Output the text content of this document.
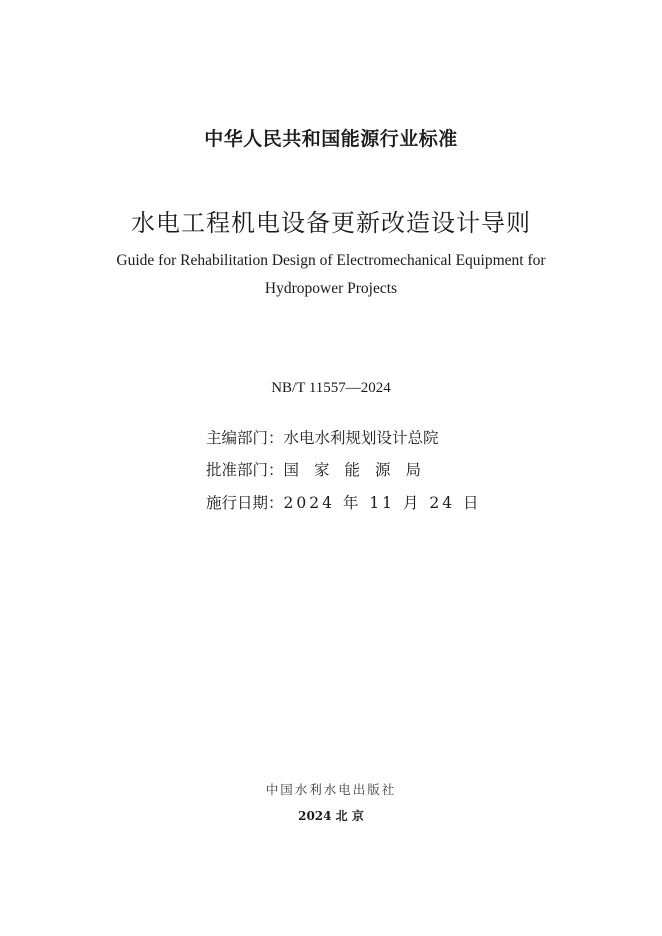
中华人民共和国能源行业标准
水电工程机电设备更新改造设计导则
Guide for Rehabilitation Design of Electromechanical Equipment for
Hydropower Projects
NB/T 11557—2024
主编部门：水电水利规划设计总院
批准部门：国家能源局
施行日期：2024 年 11 月 24 日
中国水利水电出版社
2024 北 京
